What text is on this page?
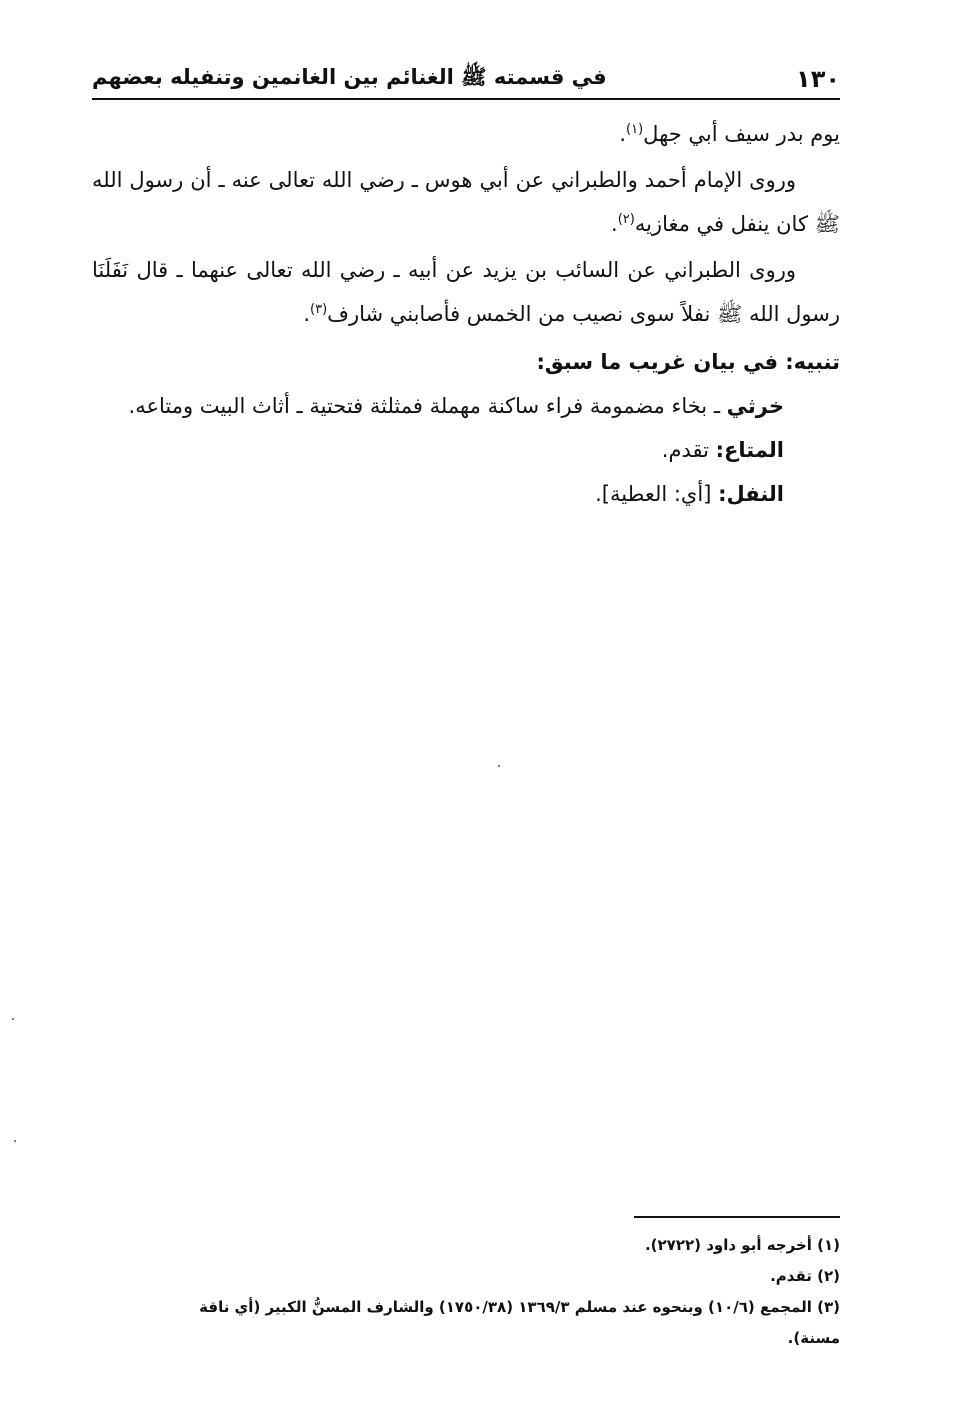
١٣٠
في قسمته ﷺ الغنائم بين الغانمين وتنفيله بعضهم

يوم بدر سيف أبي جهل$^{(١)}$.

وروى الإمام أحمد والطبراني عن أبي هوس ـ رضي الله تعالى عنه ـ أن رسول الله ﷺ كان ينفل في مغازيه$^{(٢)}$.

وروى الطبراني عن السائب بن يزيد عن أبيه ـ رضي الله تعالى عنهما ـ قال نَفَلَنَا رسول الله ﷺ نفلاً سوى نصيب من الخمس فأصابني شارف$^{(٣)}$.

تنبيه: في بيان غريب ما سبق:

خرثي ـ بخاء مضمومة فراء ساكنة مهملة فمثلثة فتحتية ـ أثاث البيت ومتاعه.

المتاع: تقدم.

النفل: [أي: العطية].

(١) أخرجه أبو داود (٢٧٢٢).

(٢) تقدم.

(٣) المجمع (١٠/٦) وبنحوه عند مسلم ١٣٦٩/٣ (١٧٥٠/٣٨) والشارف المسنُّ الكبير (أي ناقة مسنة).
